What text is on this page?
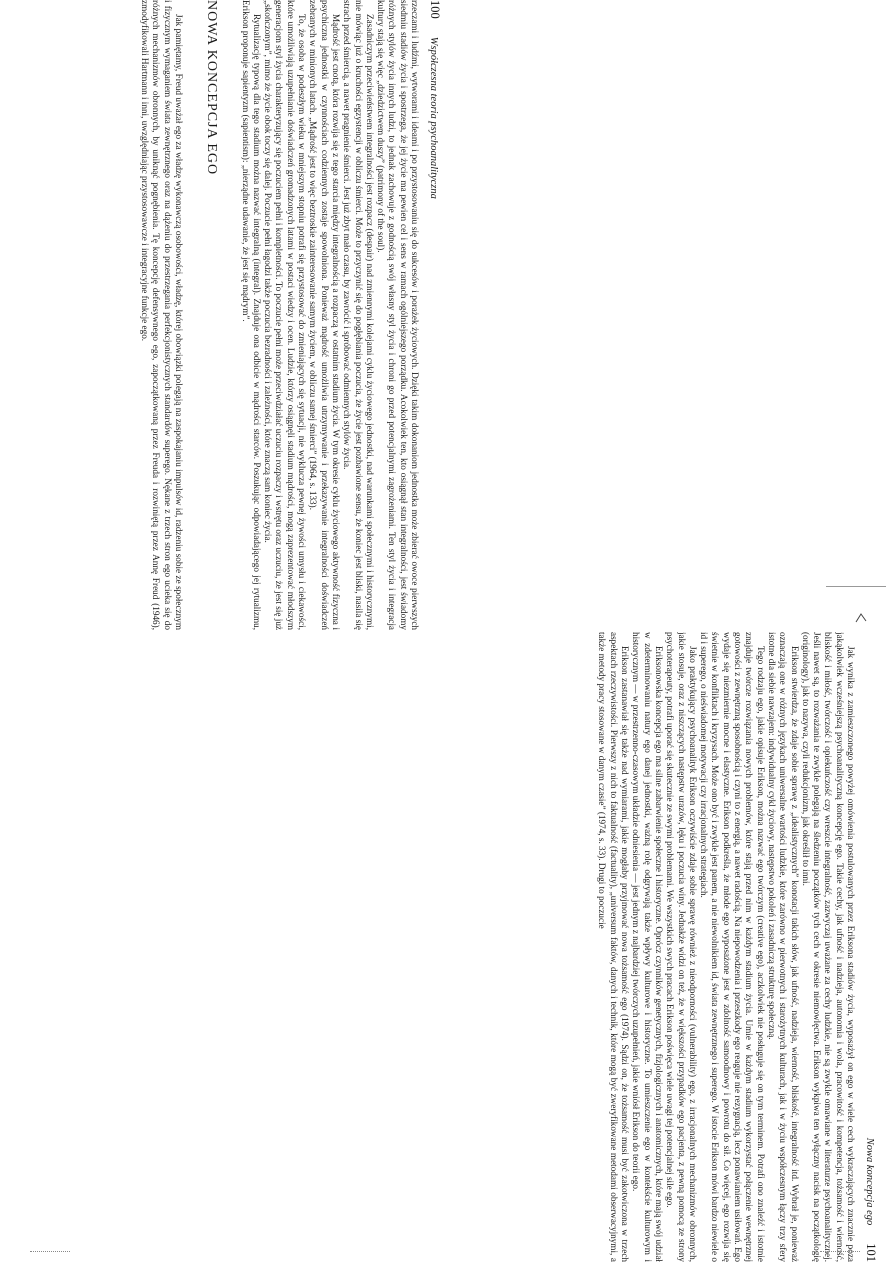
100
Współczesna teoria psychoanalityczna

rzeczami i ludźmi, wytworami i ideami i po przystosowaniu się do sukcesów i porażek życiowych. Dzięki takim dokonaniom jednostka może zbierać owoce pierwszych siedmiu stadiów życia i spostrzega, że jej życie ma pewien cel i sens w ramach ogólniejszego porządku. Acokolwiek ten, kto osiągnął stan integralności, jest świadomy różnych stylów życia innych ludzi, to jednak zachowuje z godnością swój własny styl życia i chroni go przed potencjalnymi zagrożeniami. Ten styl życia i integracja kultury stają się więc „dziedzictwem duszy” (patrimony of the soul).

Zasadniczym przeciwieństwem integralności jest rozpacz (despair) nad zmiennymi kolejami cyklu życiowego jednostki, nad warunkami społecznymi i historycznymi, nie mówiąc już o kruchości egzystencji w obliczu śmierci. Może to przyczynić się do pogłębiania poczucia, że życie jest pozbawione sensu, że koniec jest bliski, nasila się strach przed śmiercią, a nawet pragnienie śmierci. Jest już zbyt mało czasu, by zawrócić i spróbować odmiennych stylów życia.

Mądrość jest cnotą, która rozwija się z tego starcia między integralnością a rozpaczą w ostatnim stadium życia. W tym okresie cyklu życiowego aktywność fizyczna i psychiczna jednostki w czynnościach codziennych zostaje spowolniona. Ponieważ mądrość umożliwia utrzymywanie i przekazywanie integralności doświadczeń zebranych w minionych latach. „Mądrość jest to więc beztroskie zainteresowanie samym życiem, w obliczu samej śmierci” (1964, s. 133).

To, że osoba w podeszłym wieku w mniejszym stopniu potrafi się przystosować do zmieniających się sytuacji, nie wyklucza pewnej żywości umysłu i ciekawości, które umożliwiają uzupełnianie doświadczeń gromadzonych latami w postaci wiedzy i ocen. Ludzie, którzy osiągnęli stadium mądrości, mogą zaprezentować młodszym generacjom styl życia charakteryzujący się poczuciem pełni i kompletności. To poczucie pełni może przeciwdziałać uczuciu rozpaczy i wstrętu oraz uczuciu, że jest się już „skończonym”, mimo że życie obok toczy się dalej. Poczucie pełni łagodzi także poczucia bezradności i zależności, które znaczą sam koniec życia.

Rytualizację typową dla tego stadium można nazwać integralną (integral). Znajduje ona odbicie w mądrości starców. Poszukując odpowiadającego jej rytualizmu, Erikson proponuje sapientyzm (sapientism): „nierządne udawanie, że jest się mądrym”.

NOWA KONCEPCJA EGO

Jak pamiętamy, Freud uważał ego za władzę wykonawczą osobowości, władzę, której obowiązki polegają na zaspokajaniu impulsów id, radzeniu sobie ze społecznym i fizycznym wymaganiem świata zewnętrznego oraz na dążeniu do przestrzegania perfekcjonistycznych standardów superego. Nękane z trzech stron ego ucieka się do różnych mechanizmów obronnych, by uniknąć pognębienia. Tę koncepcję defensywnego ego, zapoczątkowaną przez Freuda i rozwiniętą przez Annę Freud (1946), zmodyfikowali Hartmann i inni, uwzględniając przystosowawcze i integracyjne funkcje ego.

Nowa koncepcja ego
101

Jak wynika z zamieszczonego powyżej omówienia postulowanych przez Eriksona stadiów życia, wyposażył on ego w wiele cech wykraczających znacznie poza jakąkolwiek wcześniejszą psychoanalityczną koncepcję ego. Takie cechy, jak ufność i nadzieja, autonomia i wola, pracowitość i kompetencja, tożsamość i wierność, bliskość i miłość, twórczość i opiekuńczość czy wreszcie integralność, zazwyczaj uważane za cechy ludzkie, nie są zwykle omawiane w literaturze psychoanalitycznej. Jeśli nawet są, to rozważania te zwykle polegają na śledzeniu początków tych cech w okresie niemowlęctwa. Erikson wykpiwa ten wyłączny nacisk na początkologię (originology), jak to nazywa, czyli redukcjonizm, jak określił to inni.

Erikson stwierdza, że zdaje sobie sprawę z „idealistycznych” konotacji takich słów, jak ufność, nadzieja, wierność, bliskość, integralność itd. Wybrał je, ponieważ oznaczają one w różnych językach uniwersalne wartości ludzkie, które zarówno w pierwotnych i starożytnych kulturach, jak i w życiu współczesnym łączy trzy sfery istotne dla siebie nawzajem: indywidualny cykl życiowy, następstwo pokoleń i zasadniczą strukturę społeczną.

Tego rodzaju ego, jakie opisuje Erikson, można nazwać ego twórczym (creative ego), aczkolwiek nie posługuje się on tym terminem. Potrafi ono znaleźć i istotnie znajduje twórcze rozwiązania nowych problemów, które stają przed nim w każdym stadium życia. Umie w każdym stadium wykorzystać połączenie wewnętrznej gotowości z zewnętrzną sposobnością i czyni to z energią, a nawet radością. Na niepowodzenia i przeszkody ego reaguje nie rezygnacją, lecz ponawianiem usiłowań. Ego wydaje się niezmiernie mocne i elastyczne. Erikson podkreśla, że młode ego wyposażone jest w zdolność samoodnowy i powrotu do sił. Co więcej, ego rozwija się świetnie w konfliktach i kryzysach. Może ono być i zwykle jest panem, a nie niewolnikiem id, świata zewnętrznego i superego. W istocie Erikson mówi bardzo niewiele o id i superego, o nieświadomej motywacji czy irracjonalnych strategiach.

Jako praktykujący psychoanalityk Erikson oczywiście zdaje sobie sprawę również z nieodporności (vulnerability) ego, z irracjonalnych mechanizmów obronnych, jakie stosuje, oraz z niszczących następstw urazów, lęku i poczucia winy. Jednakże widzi on też, że w większości przypadków ego pacjenta, z pewną pomocą ze strony psychoterapeuty, potrafi uporać się skutecznie ze swymi problemami. We wszystkich swych pracach Erikson poświęca wiele uwagi tej potencjalnej sile ego.

Eriksonowska koncepcja ego ma silne zabarwienie społeczne i historyczne. Oprócz czynników genetycznych, fizjologicznych i anatomicznych, które mają swój udział w zdeterminowaniu natury ego danej jednostki, ważną rolę odgrywają także wpływy kulturowe i historyczne. To umieszczenie ego w kontekście kulturowym i historycznym — w przestrzenno-czasowym układzie odniesienia — jest jednym z najbardziej twórczych uzupełnień, jakie wniósł Erikson do teorii ego.

Erikson zastanawiał się także nad wymiarami, jakie mogłaby przyjmować nowa tożsamość ego (1974). Sądzi on, że tożsamość musi być zakotwiczona w trzech aspektach rzeczywistości. Pierwszy z nich to faktualność (factuality), „universum faktów, danych i technik, które mogą być zweryfikowane metodami obserwacyjnymi, a także metody pracy stosowane w danym czasie” (1974, s. 33). Drugi to poczucie
